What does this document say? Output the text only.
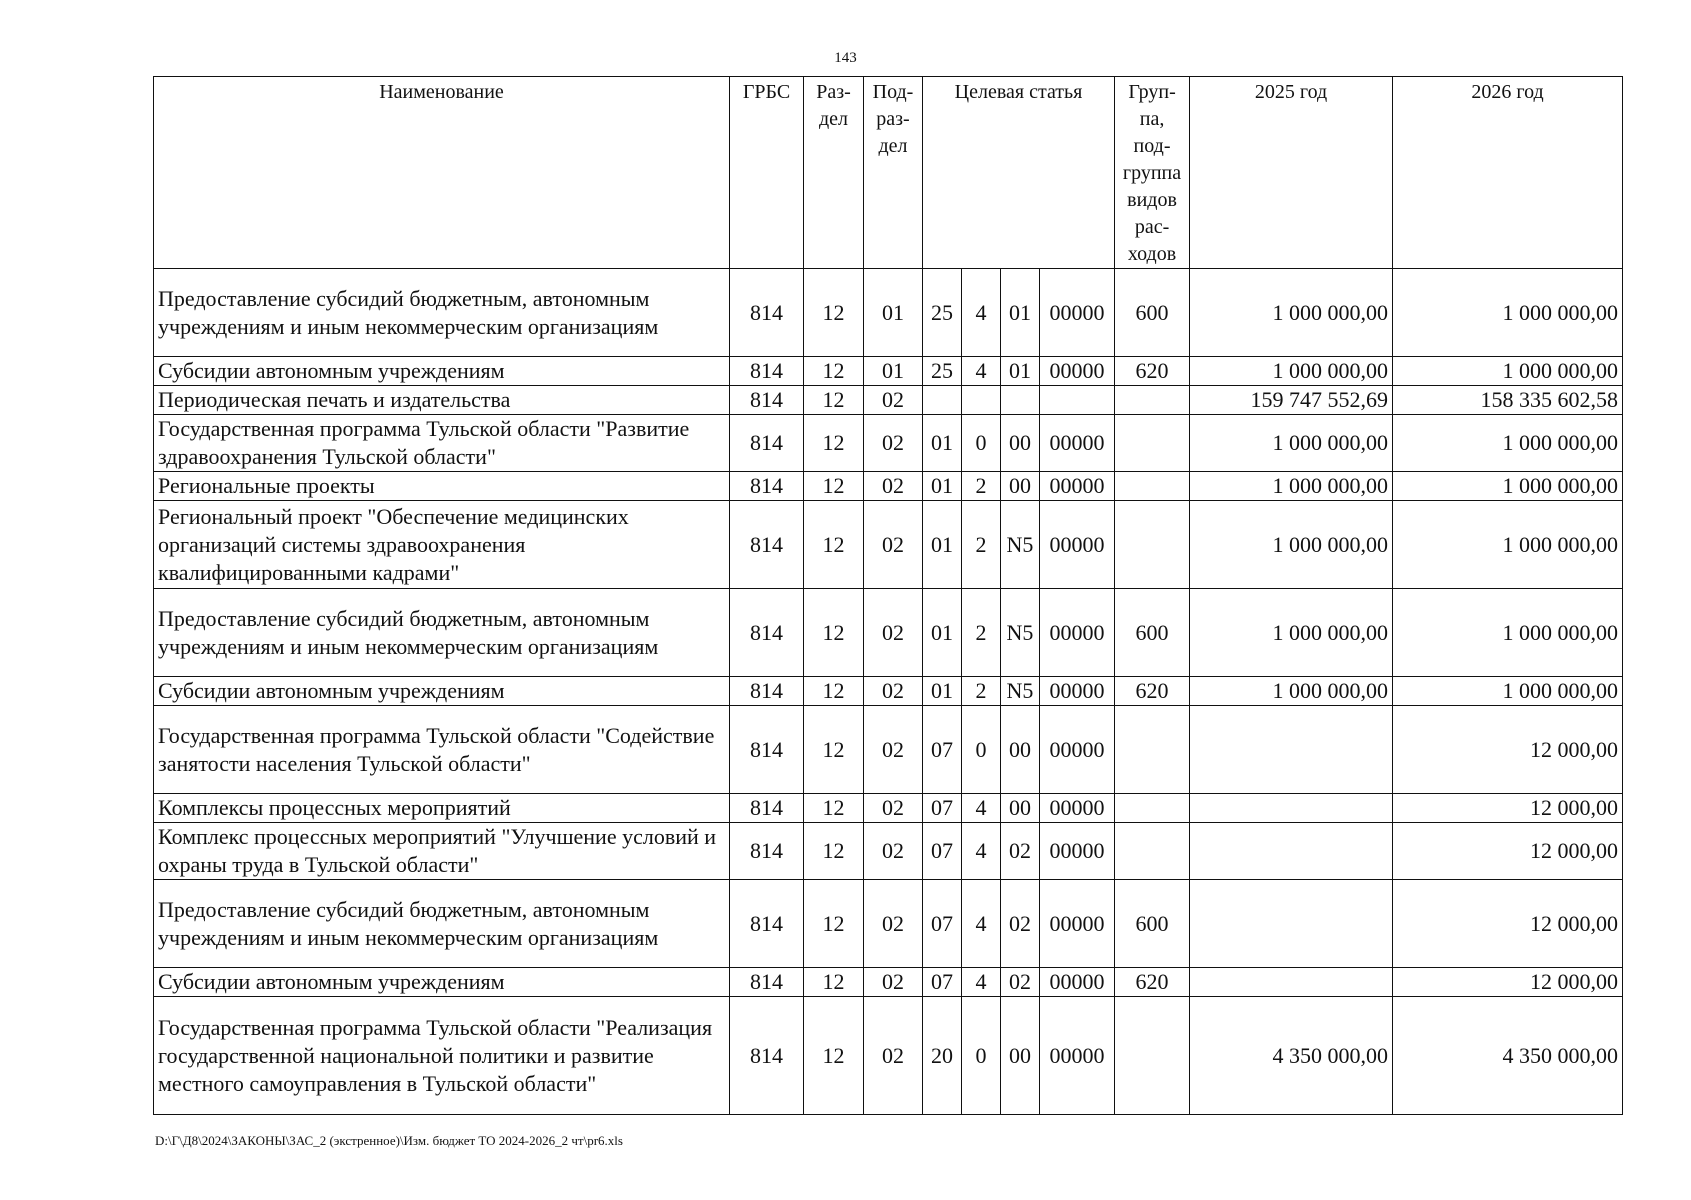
143
Наименование	ГРБС	Раз- дел	Под- раз- дел	Целевая статья				Груп- па, под- группа видов рас- ходов	2025 год	2026 год
Предоставление субсидий бюджетным, автономным учреждениям и иным некоммерческим организациям	814	12	01	25	4	01	00000	600	1 000 000,00	1 000 000,00
Субсидии автономным учреждениям	814	12	01	25	4	01	00000	620	1 000 000,00	1 000 000,00
Периодическая печать и издательства	814	12	02						159 747 552,69	158 335 602,58
Государственная программа Тульской области "Развитие здравоохранения Тульской области"	814	12	02	01	0	00	00000		1 000 000,00	1 000 000,00
Региональные проекты	814	12	02	01	2	00	00000		1 000 000,00	1 000 000,00
Региональный проект "Обеспечение медицинских организаций системы здравоохранения квалифицированными кадрами"	814	12	02	01	2	N5	00000		1 000 000,00	1 000 000,00
Предоставление субсидий бюджетным, автономным учреждениям и иным некоммерческим организациям	814	12	02	01	2	N5	00000	600	1 000 000,00	1 000 000,00
Субсидии автономным учреждениям	814	12	02	01	2	N5	00000	620	1 000 000,00	1 000 000,00
Государственная программа Тульской области "Содействие занятости населения Тульской области"	814	12	02	07	0	00	00000			12 000,00
Комплексы процессных мероприятий	814	12	02	07	4	00	00000			12 000,00
Комплекс процессных мероприятий "Улучшение условий и охраны труда в Тульской области"	814	12	02	07	4	02	00000			12 000,00
Предоставление субсидий бюджетным, автономным учреждениям и иным некоммерческим организациям	814	12	02	07	4	02	00000	600		12 000,00
Субсидии автономным учреждениям	814	12	02	07	4	02	00000	620		12 000,00
Государственная программа Тульской области "Реализация государственной национальной политики и развитие местного самоуправления в Тульской области"	814	12	02	20	0	00	00000		4 350 000,00	4 350 000,00
D:\Г\Д8\2024\ЗАКОНЫ\ЗАС_2 (экстренное)\Изм. бюджет ТО 2024-2026_2 чт\pr6.xls
